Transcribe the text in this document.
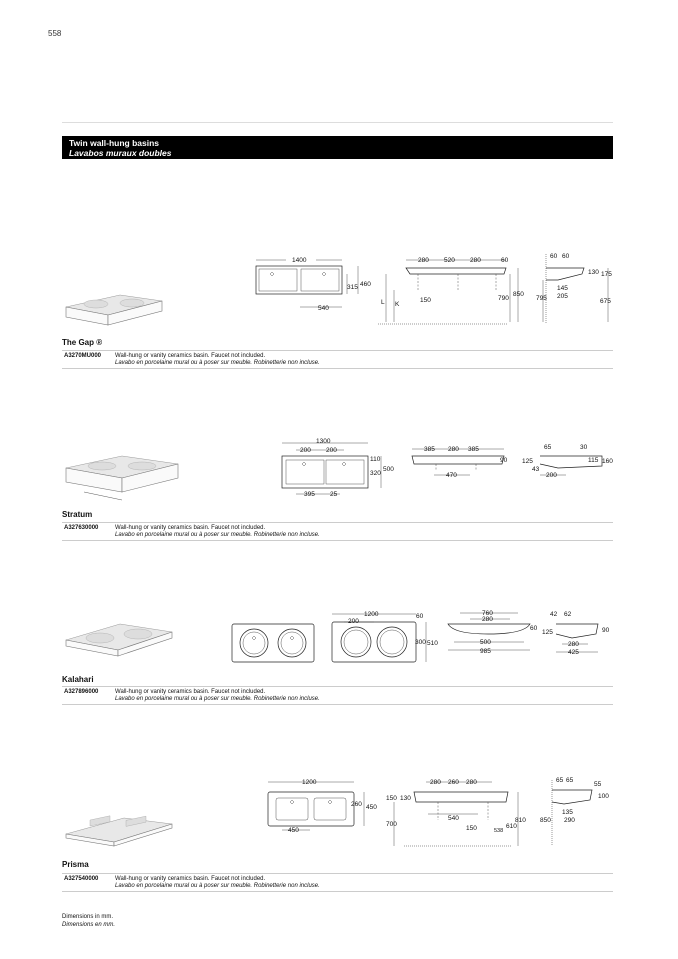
558
Twin wall-hung basins
Lavabos muraux doubles
1400
315 460
540
280 520 280	60
150	790
850
L K
60 60
130 175
145
205
795	675
The Gap ®
A3270MU000 Wall-hung or vanity ceramics basin. Faucet not included.
Lavabo en porcelaine mural ou à poser sur meuble. Robinetterie non incluse.
1300
200 200
110
320
500
395 25
385 280 385
90
470
65	30
125	115 160
43
200
Stratum
A327630000	Wall-hung or vanity ceramics basin. Faucet not included.
Lavabo en porcelaine mural ou à poser sur meuble. Robinetterie non incluse.
1200	60
200
300 510
760
280
60
500
985
42 62
125	90
280
425
Kalahari
A327896000	Wall-hung or vanity ceramics basin. Faucet not included.
Lavabo en porcelaine mural ou à poser sur meuble. Robinetterie non incluse.
1200
260 450
450
280 260 280
150 130
540
700
150
810
538
610
65 65
55
100
135
290
850
Prisma
A327540000	Wall-hung or vanity ceramics basin. Faucet not included.
Lavabo en porcelaine mural ou à poser sur meuble. Robinetterie non incluse.
Dimensions in mm.
Dimensions en mm.
